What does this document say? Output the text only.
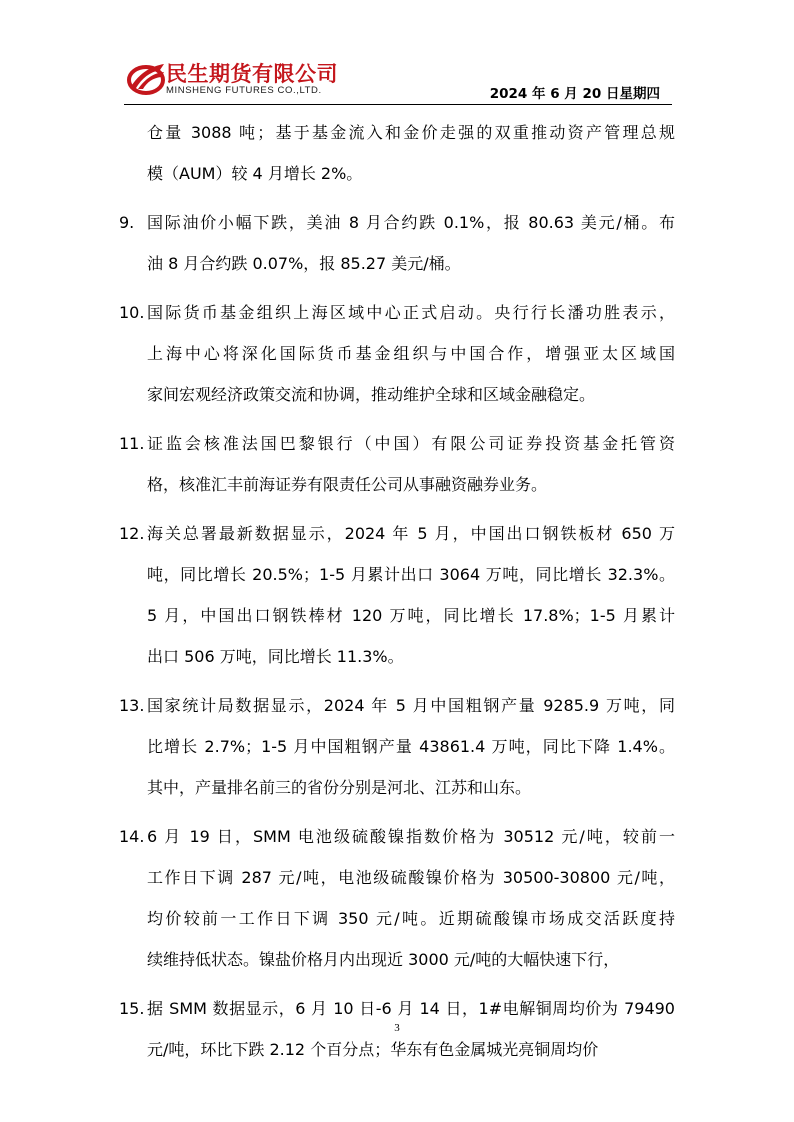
民生期货有限公司
MINSHENG FUTURES CO.,LTD.	2024 年 6 月 20 日星期四
仓量 3088 吨；基于基金流入和金价走强的双重推动资产管理总规
模（AUM）较 4 月增长 2%。
9. 国际油价小幅下跌，美油 8 月合约跌 0.1%，报 80.63 美元/桶。布
油 8 月合约跌 0.07%，报 85.27 美元/桶。
10. 国际货币基金组织上海区域中心正式启动。央行行长潘功胜表示，
上海中心将深化国际货币基金组织与中国合作，增强亚太区域国
家间宏观经济政策交流和协调，推动维护全球和区域金融稳定。
11. 证监会核准法国巴黎银行（中国）有限公司证券投资基金托管资
格，核准汇丰前海证券有限责任公司从事融资融券业务。
12. 海关总署最新数据显示，2024 年 5 月，中国出口钢铁板材 650 万
吨，同比增长 20.5%；1-5 月累计出口 3064 万吨，同比增长 32.3%。
5 月，中国出口钢铁棒材 120 万吨，同比增长 17.8%；1-5 月累计
出口 506 万吨，同比增长 11.3%。
13. 国家统计局数据显示，2024 年 5 月中国粗钢产量 9285.9 万吨，同
比增长 2.7%；1-5 月中国粗钢产量 43861.4 万吨，同比下降 1.4%。
其中，产量排名前三的省份分别是河北、江苏和山东。
14. 6 月 19 日，SMM 电池级硫酸镍指数价格为 30512 元/吨，较前一
工作日下调 287 元/吨，电池级硫酸镍价格为 30500-30800 元/吨，
均价较前一工作日下调 350 元/吨。近期硫酸镍市场成交活跃度持
续维持低状态。镍盐价格月内出现近 3000 元/吨的大幅快速下行，
15. 据 SMM 数据显示，6 月 10 日-6 月 14 日，1#电解铜周均价为 79490
元/吨，环比下跌 2.12 个百分点；华东有色金属城光亮铜周均价
3
